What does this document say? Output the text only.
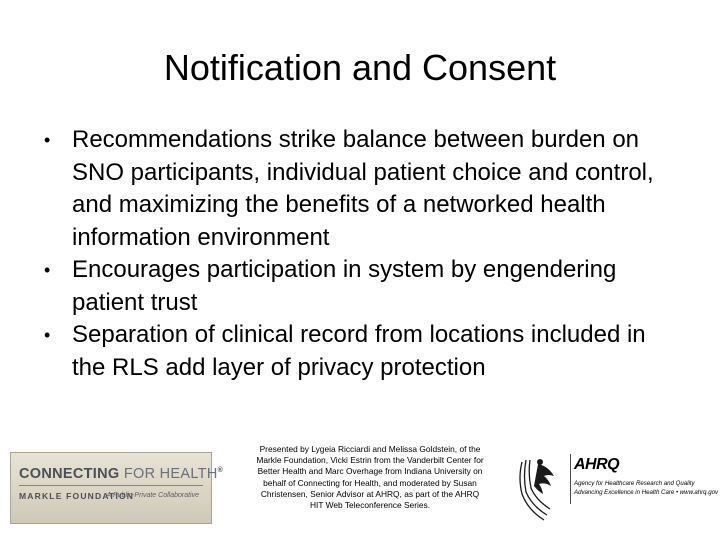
Notification and Consent
• Recommendations strike balance between burden on SNO participants, individual patient choice and control, and maximizing the benefits of a networked health information environment
• Encourages participation in system by engendering patient trust
• Separation of clinical record from locations included in the RLS add layer of privacy protection
CONNECTING FOR HEALTH®
MARKLE FOUNDATION
A Public-Private Collaborative
Presented by Lygeia Ricciardi and Melissa Goldstein, of the
Markle Foundation, Vicki Estrin from the Vanderbilt Center for
Better Health and Marc Overhage from Indiana University on
behalf of Connecting for Health, and moderated by Susan
Christensen, Senior Advisor at AHRQ, as part of the AHRQ
HIT Web Teleconference Series.
AHRQ
Agency for Healthcare Research and Quality
Advancing Excellence in Health Care • www.ahrq.gov
